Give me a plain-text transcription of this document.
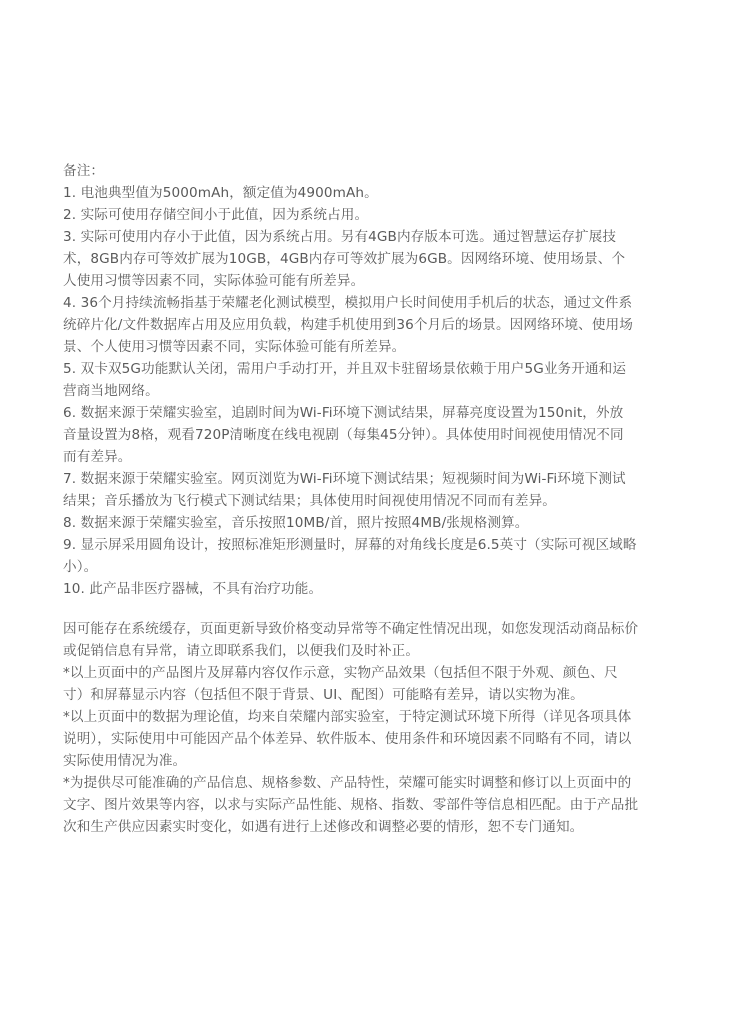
备注：
1. 电池典型值为5000mAh，额定值为4900mAh。
2. 实际可使用存储空间小于此值，因为系统占用。
3. 实际可使用内存小于此值，因为系统占用。另有4GB内存版本可选。通过智慧运存扩展技
术，8GB内存可等效扩展为10GB，4GB内存可等效扩展为6GB。因网络环境、使用场景、个
人使用习惯等因素不同，实际体验可能有所差异。
4. 36个月持续流畅指基于荣耀老化测试模型，模拟用户长时间使用手机后的状态，通过文件系
统碎片化/文件数据库占用及应用负载，构建手机使用到36个月后的场景。因网络环境、使用场
景、个人使用习惯等因素不同，实际体验可能有所差异。
5. 双卡双5G功能默认关闭，需用户手动打开，并且双卡驻留场景依赖于用户5G业务开通和运
营商当地网络。
6. 数据来源于荣耀实验室，追剧时间为Wi-Fi环境下测试结果，屏幕亮度设置为150nit，外放
音量设置为8格，观看720P清晰度在线电视剧（每集45分钟）。具体使用时间视使用情况不同
而有差异。
7. 数据来源于荣耀实验室。网页浏览为Wi-Fi环境下测试结果；短视频时间为Wi-Fi环境下测试
结果；音乐播放为飞行模式下测试结果；具体使用时间视使用情况不同而有差异。
8. 数据来源于荣耀实验室，音乐按照10MB/首，照片按照4MB/张规格测算。
9. 显示屏采用圆角设计，按照标准矩形测量时，屏幕的对角线长度是6.5英寸（实际可视区域略
小）。
10. 此产品非医疗器械，不具有治疗功能。
因可能存在系统缓存，页面更新导致价格变动异常等不确定性情况出现，如您发现活动商品标价
或促销信息有异常，请立即联系我们，以便我们及时补正。
*以上页面中的产品图片及屏幕内容仅作示意，实物产品效果（包括但不限于外观、颜色、尺
寸）和屏幕显示内容（包括但不限于背景、UI、配图）可能略有差异，请以实物为准。
*以上页面中的数据为理论值，均来自荣耀内部实验室，于特定测试环境下所得（详见各项具体
说明），实际使用中可能因产品个体差异、软件版本、使用条件和环境因素不同略有不同，请以
实际使用情况为准。
*为提供尽可能准确的产品信息、规格参数、产品特性，荣耀可能实时调整和修订以上页面中的
文字、图片效果等内容，以求与实际产品性能、规格、指数、零部件等信息相匹配。由于产品批
次和生产供应因素实时变化，如遇有进行上述修改和调整必要的情形，恕不专门通知。
